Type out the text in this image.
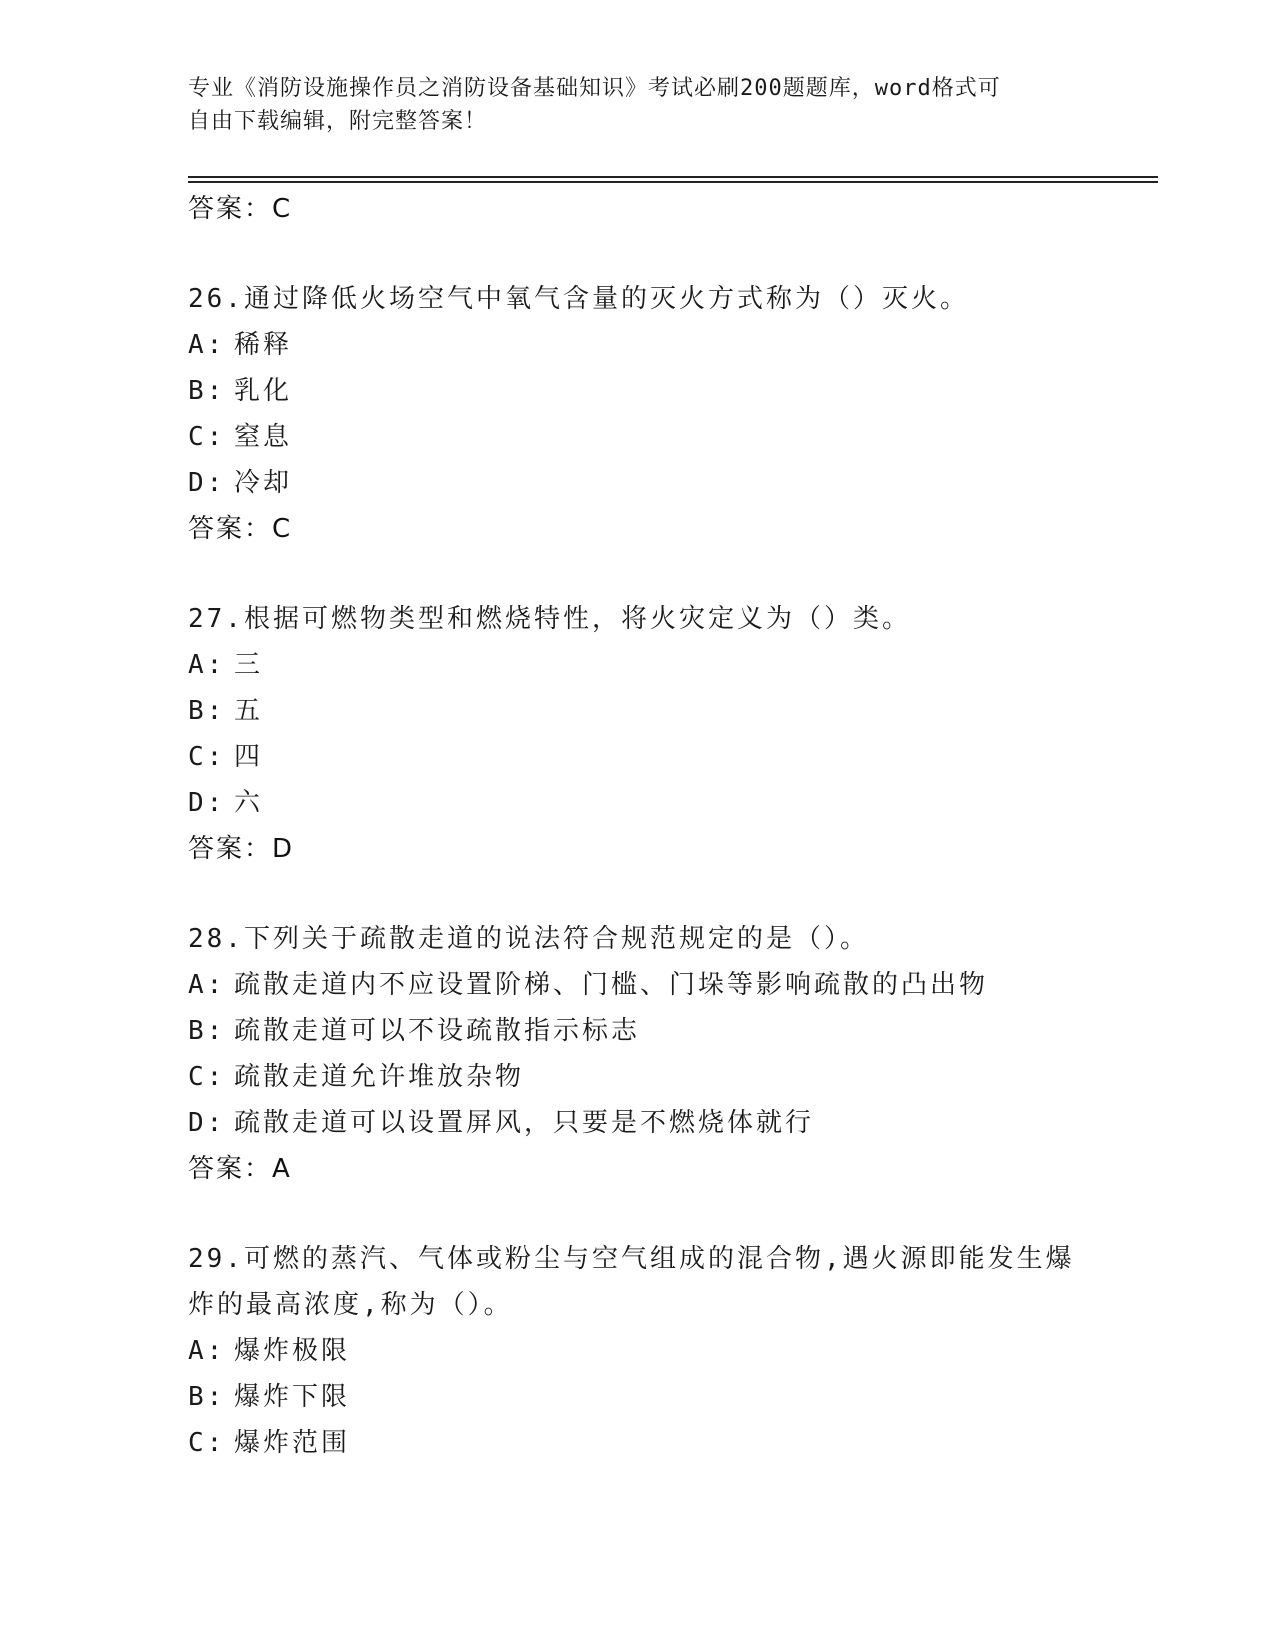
专业《消防设施操作员之消防设备基础知识》考试必刷200题题库，word格式可
自由下载编辑，附完整答案！
答案：C
26.通过降低火场空气中氧气含量的灭火方式称为（）灭火。
A: 稀释
B: 乳化
C: 窒息
D: 冷却
答案：C
27.根据可燃物类型和燃烧特性，将火灾定义为（）类。
A: 三
B: 五
C: 四
D: 六
答案：D
28.下列关于疏散走道的说法符合规范规定的是（）。
A: 疏散走道内不应设置阶梯、门槛、门垛等影响疏散的凸出物
B: 疏散走道可以不设疏散指示标志
C: 疏散走道允许堆放杂物
D: 疏散走道可以设置屏风，只要是不燃烧体就行
答案：A
29.可燃的蒸汽、气体或粉尘与空气组成的混合物,遇火源即能发生爆炸的最高浓度,称为（）。
A: 爆炸极限
B: 爆炸下限
C: 爆炸范围
